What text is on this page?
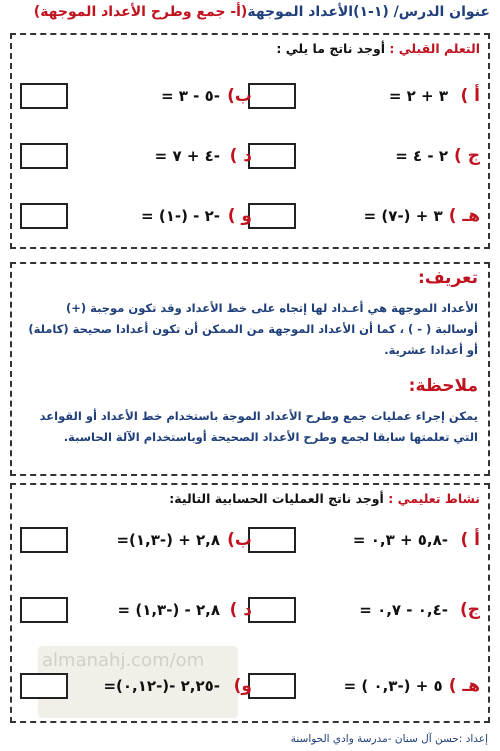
عنوان الدرس/ (١-١)الأعداد الموجهة(أ- جمع وطرح الأعداد الموجهة)
التعلم القبلي : أوجد ناتج ما يلي :
أ )
٣ + ٢ =
ب)
-٥ - ٣ =
ج )
٢ - ٤ =
د )
-٤ + ٧ =
هـ )
٣ + (-٧) =
و )
-٢ - (-١) =
تعريف:
الأعداد الموجهة هي أعـداد لها إتجاه على خط الأعداد وقد تكون موجبة (+) أوسالبة ( - ) ، كما أن الأعداد الموجهة من الممكن أن تكون أعدادا صحيحة (كاملة) أو أعدادا عشرية.
ملاحظة:
يمكن إجراء عمليات جمع وطرح الأعداد الموجة باستخدام خط الأعداد أو القواعد التي تعلمتها سابقا لجمع وطرح الأعداد الصحيحة أوباستخدام الآلة الحاسبة.
almanahj.com/om
نشاط تعليمي : أوجد ناتج العمليات الحسابية التالية:
أ )
-٥,٨ + ٠,٣ =
ب)
٢,٨ + (-١,٣)=
ج)
-٠,٤ - ٠,٧ =
د )
٢,٨ - (-١,٣) =
هـ )
٥ + (-٠,٣ ) =
و)
-٢,٢٥ -(-٠,١٢)=
إعداد :حسن آل سنان -مدرسة وادي الحواسنة
